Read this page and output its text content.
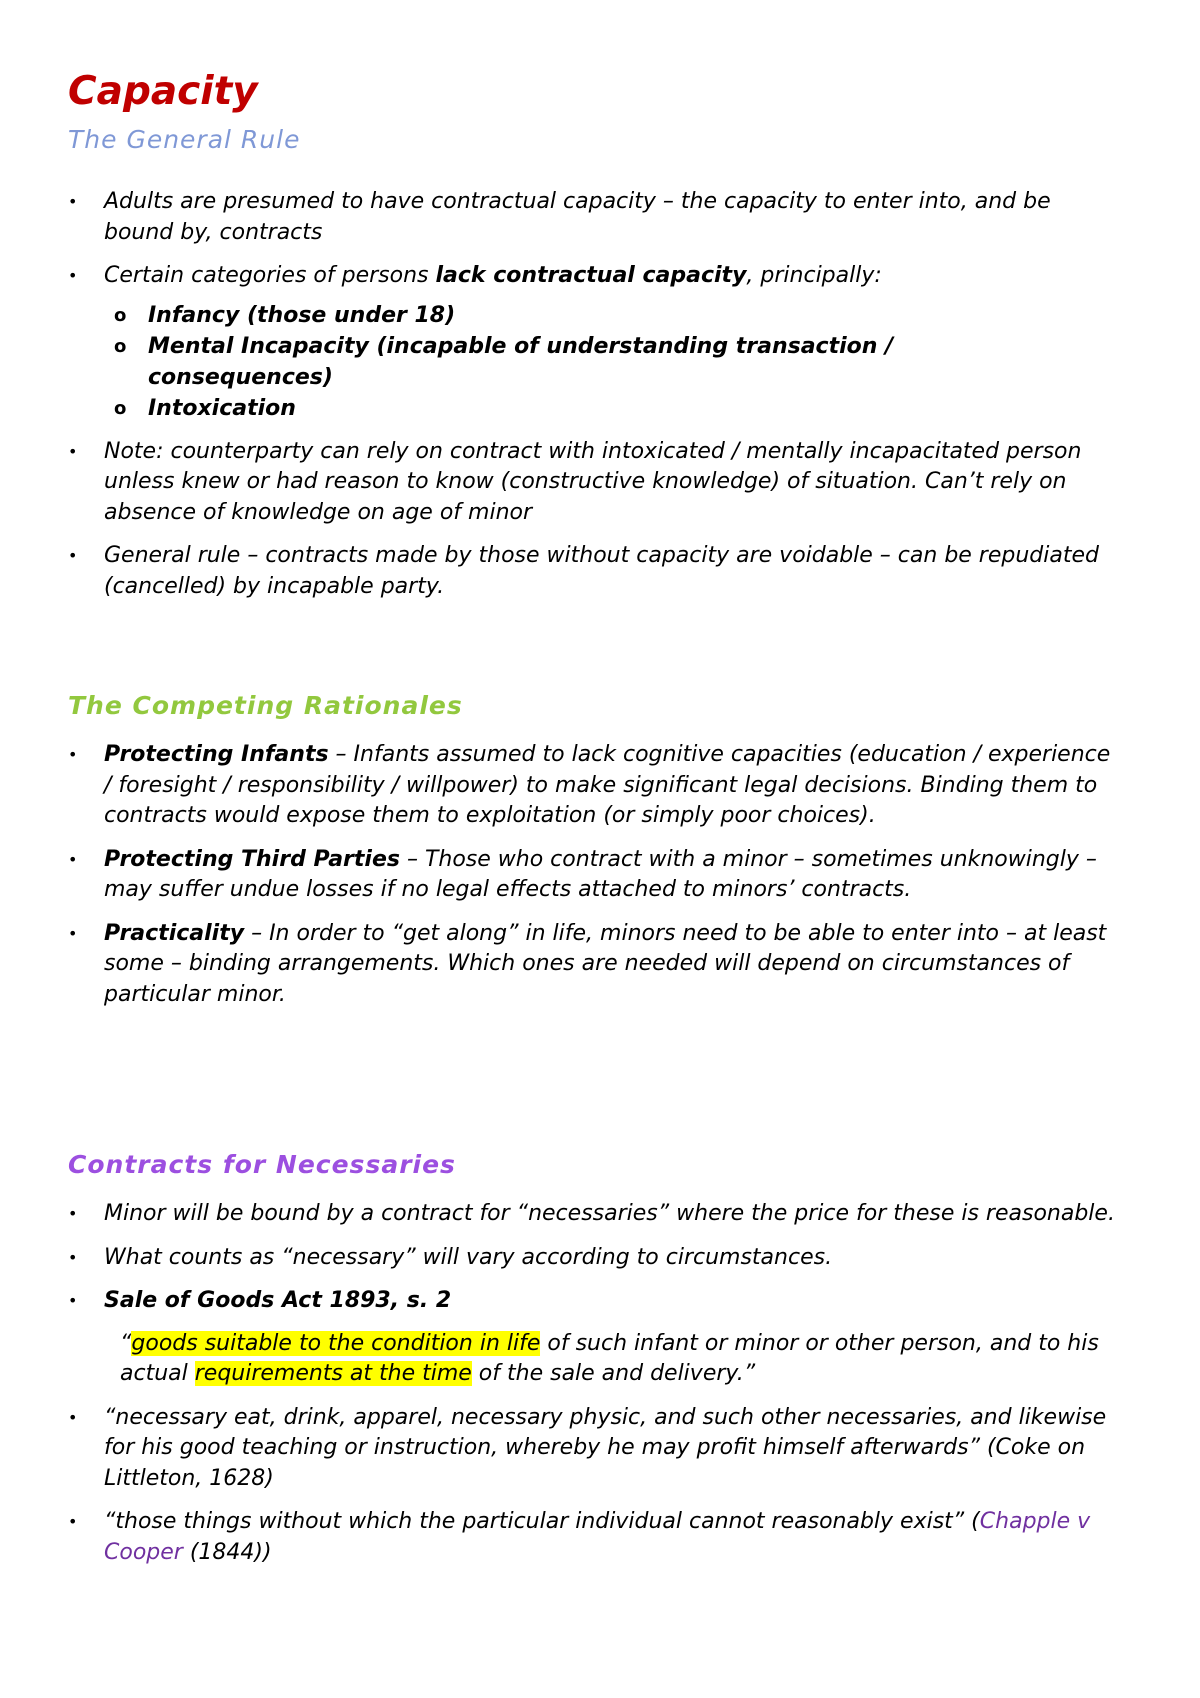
Capacity
The General Rule
• Adults are presumed to have contractual capacity – the capacity to enter into, and be bound by, contracts
• Certain categories of persons lack contractual capacity, principally:
o Infancy (those under 18)
o Mental Incapacity (incapable of understanding transaction / consequences)
o Intoxication
• Note: counterparty can rely on contract with intoxicated / mentally incapacitated person unless knew or had reason to know (constructive knowledge) of situation. Can’t rely on absence of knowledge on age of minor
• General rule – contracts made by those without capacity are voidable – can be repudiated (cancelled) by incapable party.
The Competing Rationales
• Protecting Infants – Infants assumed to lack cognitive capacities (education / experience / foresight / responsibility / willpower) to make significant legal decisions. Binding them to contracts would expose them to exploitation (or simply poor choices).
• Protecting Third Parties – Those who contract with a minor – sometimes unknowingly – may suffer undue losses if no legal effects attached to minors’ contracts.
• Practicality – In order to “get along” in life, minors need to be able to enter into – at least some – binding arrangements. Which ones are needed will depend on circumstances of particular minor.
Contracts for Necessaries
• Minor will be bound by a contract for “necessaries” where the price for these is reasonable.
• What counts as “necessary” will vary according to circumstances.
• Sale of Goods Act 1893, s. 2
“goods suitable to the condition in life of such infant or minor or other person, and to his actual requirements at the time of the sale and delivery.”
• “necessary eat, drink, apparel, necessary physic, and such other necessaries, and likewise for his good teaching or instruction, whereby he may profit himself afterwards” (Coke on Littleton, 1628)
• “those things without which the particular individual cannot reasonably exist” (Chapple v Cooper (1844))
